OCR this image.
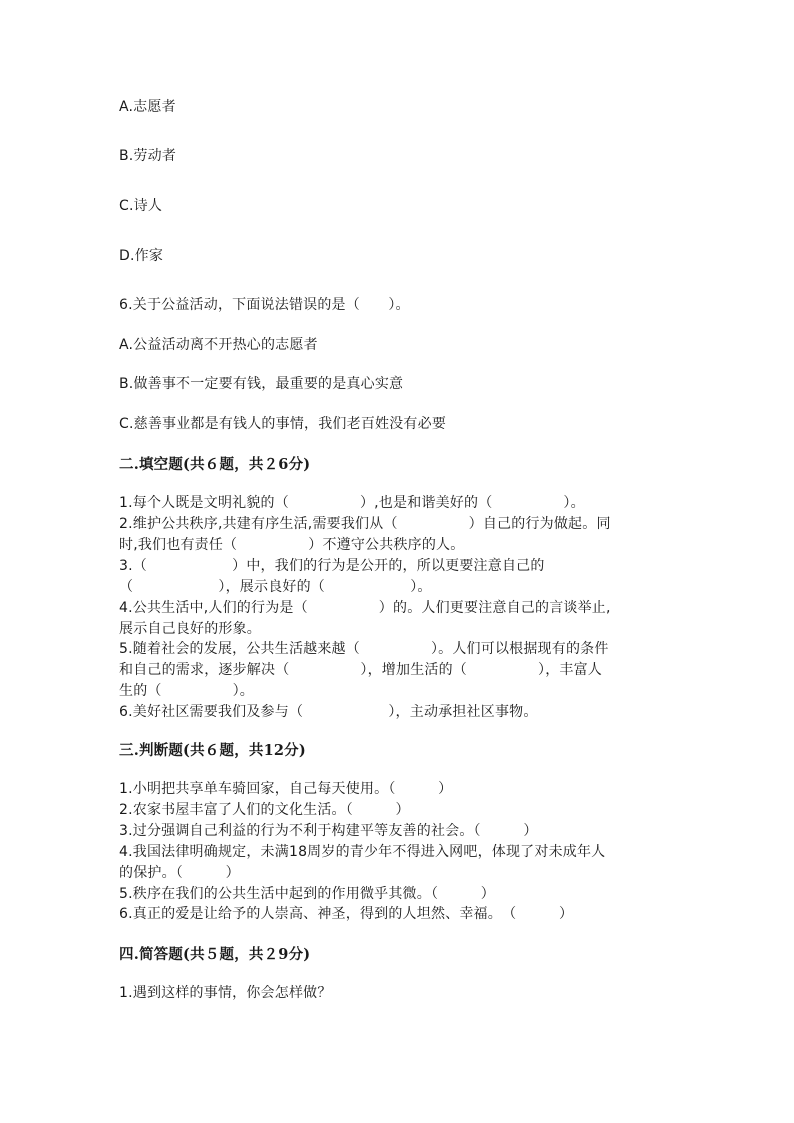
A.志愿者
B.劳动者
C.诗人
D.作家
6.关于公益活动，下面说法错误的是（　　）。
A.公益活动离不开热心的志愿者
B.做善事不一定要有钱，最重要的是真心实意
C.慈善事业都是有钱人的事情，我们老百姓没有必要
二.填空题(共６题，共２6分)
1.每个人既是文明礼貌的（　　　　　）,也是和谐美好的（　　　　　）。
2.维护公共秩序,共建有序生活,需要我们从（　　　　　）自己的行为做起。同
时,我们也有责任（　　　　　）不遵守公共秩序的人。
3.（　　　　　　）中，我们的行为是公开的，所以更要注意自己的
（　　　　　　），展示良好的（　　　　　　）。
4.公共生活中,人们的行为是（　　　　　）的。人们更要注意自己的言谈举止,
展示自己良好的形象。
5.随着社会的发展，公共生活越来越（　　　　　）。人们可以根据现有的条件
和自己的需求，逐步解决（　　　　　），增加生活的（　　　　　），丰富人
生的（　　　　　）。
6.美好社区需要我们及参与（　　　　　　），主动承担社区事物。
三.判断题(共６题，共12分)
1.小明把共享单车骑回家，自己每天使用。（　　　）
2.农家书屋丰富了人们的文化生活。（　　　）
3.过分强调自己利益的行为不利于构建平等友善的社会。（　　　）
4.我国法律明确规定，未满18周岁的青少年不得进入网吧，体现了对未成年人
的保护。（　　　）
5.秩序在我们的公共生活中起到的作用微乎其微。（　　　）
6.真正的爱是让给予的人崇高、神圣，得到的人坦然、幸福。　（　　　）
四.简答题(共５题，共２9分)
1.遇到这样的事情，你会怎样做？
